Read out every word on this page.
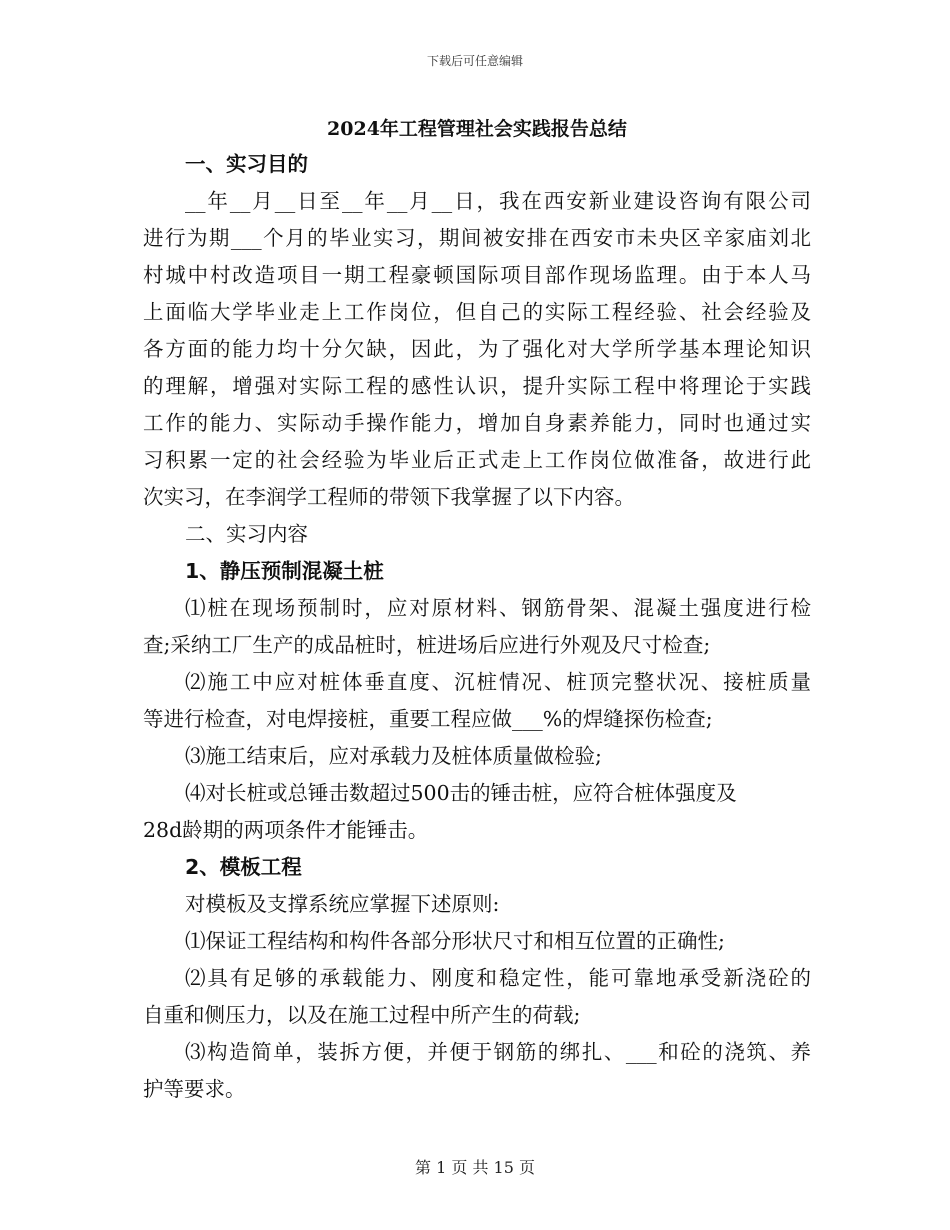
下载后可任意编辑
2024年工程管理社会实践报告总结
一、实习目的
__年__月__日至__年__月__日，我在西安新业建设咨询有限公司
进行为期___个月的毕业实习，期间被安排在西安市未央区辛家庙刘北
村城中村改造项目一期工程豪顿国际项目部作现场监理。由于本人马
上面临大学毕业走上工作岗位，但自己的实际工程经验、社会经验及
各方面的能力均十分欠缺，因此，为了强化对大学所学基本理论知识
的理解，增强对实际工程的感性认识，提升实际工程中将理论于实践
工作的能力、实际动手操作能力，增加自身素养能力，同时也通过实
习积累一定的社会经验为毕业后正式走上工作岗位做准备，故进行此
次实习，在李润学工程师的带领下我掌握了以下内容。
二、实习内容
1、静压预制混凝土桩
⑴桩在现场预制时，应对原材料、钢筋骨架、混凝土强度进行检
查;采纳工厂生产的成品桩时，桩进场后应进行外观及尺寸检查;
⑵施工中应对桩体垂直度、沉桩情况、桩顶完整状况、接桩质量
等进行检查，对电焊接桩，重要工程应做___%的焊缝探伤检查;
⑶施工结束后，应对承载力及桩体质量做检验;
⑷对长桩或总锤击数超过500击的锤击桩，应符合桩体强度及
28d龄期的两项条件才能锤击。
2、模板工程
对模板及支撑系统应掌握下述原则:
⑴保证工程结构和构件各部分形状尺寸和相互位置的正确性;
⑵具有足够的承载能力、刚度和稳定性，能可靠地承受新浇砼的
自重和侧压力，以及在施工过程中所产生的荷载;
⑶构造简单，装拆方便，并便于钢筋的绑扎、___和砼的浇筑、养
护等要求。
第 1 页 共 15 页
